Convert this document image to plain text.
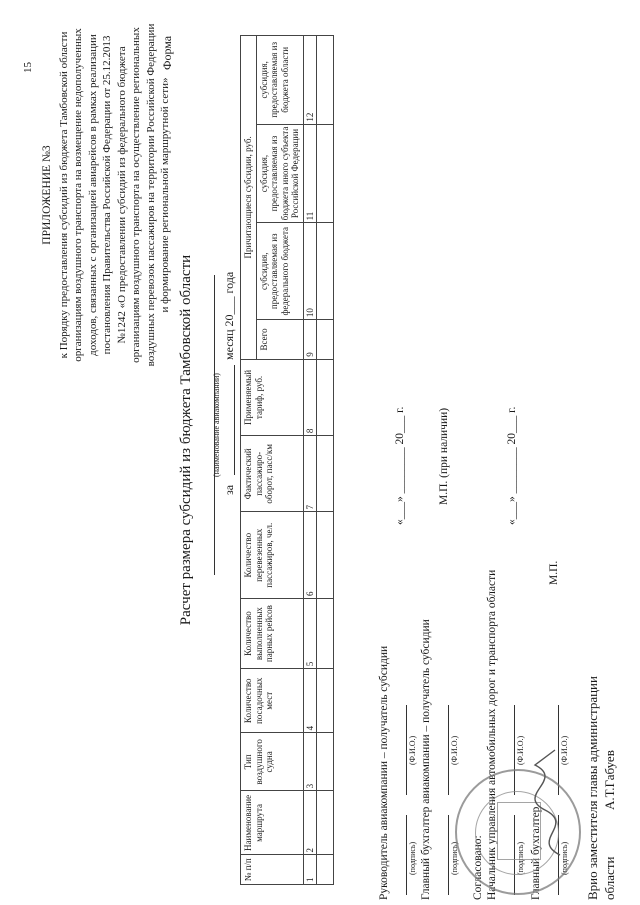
15
ПРИЛОЖЕНИЕ №3 к Порядку предоставления субсидий из бюджета Тамбовской области организациям воздушного транспорта на возмещение недополученных доходов, связанных с организацией авиарейсов в рамках реализации постановления Правительства Российской Федерации от 25.12.2013 №1242 «О предоставлении субсидий из федерального бюджета организациям воздушного транспорта на осуществление региональных воздушных перевозок пассажиров на территории Российской Федерации и формирование региональной маршрутной сети»
Форма
Расчет размера субсидий из бюджета Тамбовской области (наименование авиакомпании)
за
месяц 20___ года
№ п/п	Наименование маршрута	Тип воздушного судна	Количество посадочных мест	Количество выполненных парных рейсов	Количество перевезенных пассажиров, чел.	Фактический пассажиро-оборот, пасс/км	Применяемый тариф, руб.	Причитающиеся субсидии, руб.			
								Всего	субсидия, предоставляемая из федерального бюджета	субсидия, предоставляемая из бюджета иного субъекта Российской Федерации	субсидия, предоставляемая из бюджета области
1	2	3	4	5	6	7	8	9	10	11	12

Руководитель авиакомпании – получатель субсидии (подпись)
(Ф.И.О.)
«___» ________ 20___ г.
Главный бухгалтер авиакомпании – получатель субсидии (подпись)
(Ф.И.О.)
М.П. (при наличии)
Согласовано: Начальник управления автомобильных дорог и транспорта области (подпись)
(Ф.И.О.)
«___» ________ 20___ г.
Главный бухгалтер (подпись)
(Ф.И.О.)
М.П.
Врио заместителя главы администрации области
А.Т.Габуев
